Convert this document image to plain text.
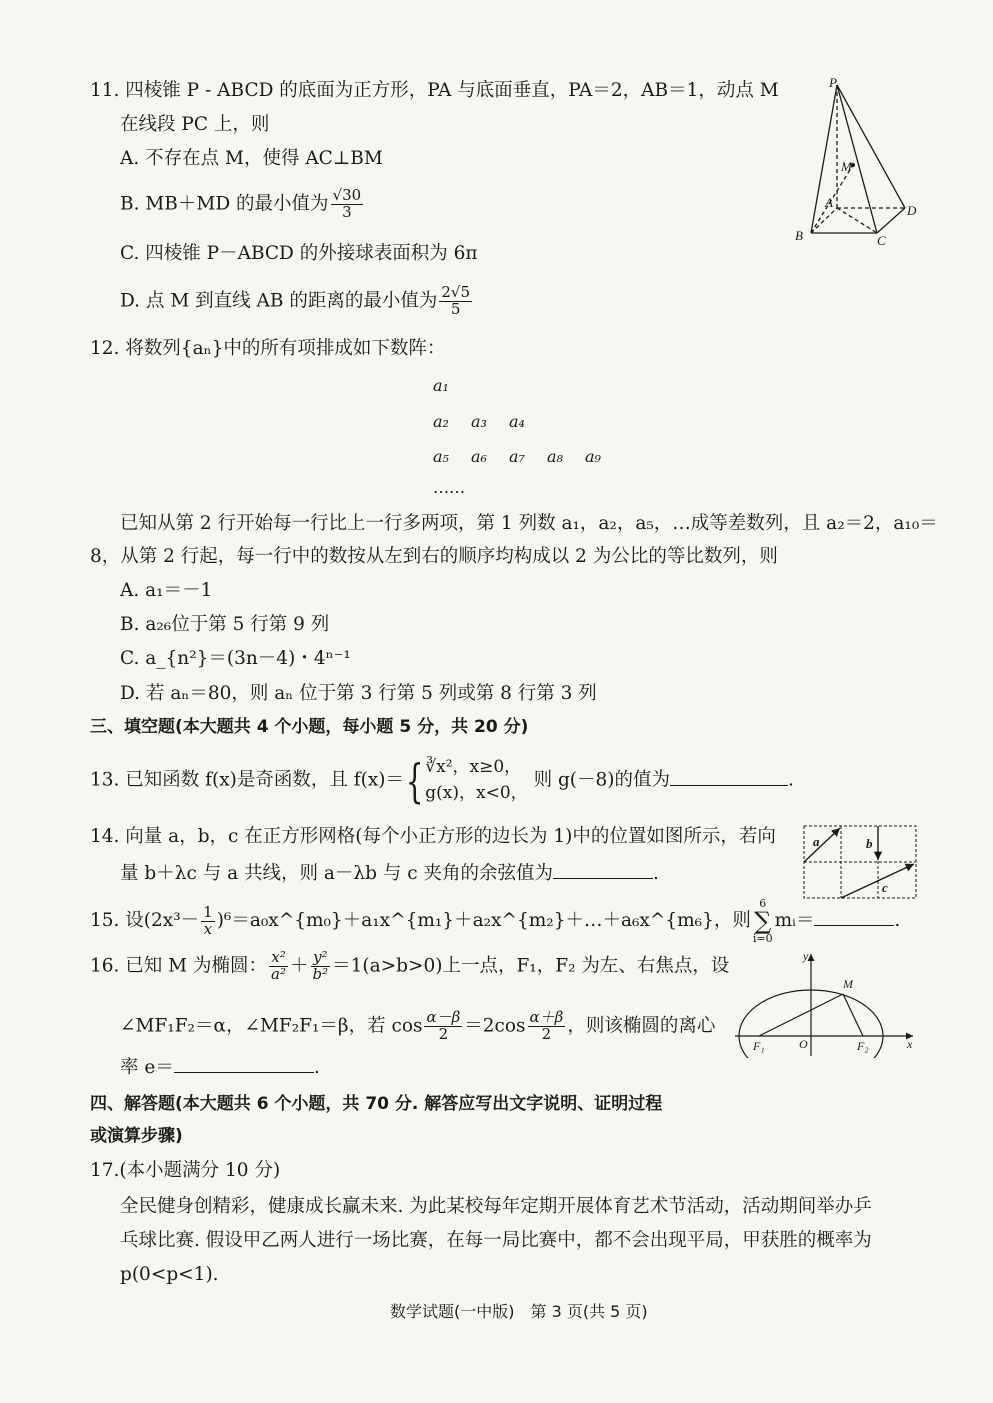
11. 四棱锥 P - ABCD 的底面为正方形，PA 与底面垂直，PA＝2，AB＝1，动点 M
在线段 PC 上，则
A. 不存在点 M，使得 AC⊥BM
B. MB＋MD 的最小值为 $\frac{√30}{3}$
C. 四棱锥 P－ABCD 的外接球表面积为 6π
D. 点 M 到直线 AB 的距离的最小值为 $\frac{2√5}{5}$
P
M
A
B	C
D
12. 将数列{aₙ}中的所有项排成如下数阵：
a₁
a₂ a₃ a₄
a₅ a₆ a₇ a₈ a₉
……
已知从第 2 行开始每一行比上一行多两项，第 1 列数 a₁，a₂，a₅，…成等差数列，且 a₂＝2，a₁₀＝
8，从第 2 行起，每一行中的数按从左到右的顺序均构成以 2 为公比的等比数列，则
A. a₁＝－1
B. a₂₆位于第 5 行第 9 列
C. a_{n²}＝(3n－4)・4ⁿ⁻¹
D. 若 aₙ＝80，则 aₙ 位于第 3 行第 5 列或第 8 行第 3 列
三、填空题(本大题共 4 个小题，每小题 5 分，共 20 分)
13. 已知函数 f(x)是奇函数，且 f(x)＝{ ∛x²，x≥0，
g(x)，x<0，
则 g(－8)的值为	.
14. 向量 a，b，c 在正方形网格(每个小正方形的边长为 1)中的位置如图所示，若向
量 b＋λc 与 a 共线，则 a－λb 与 c 夹角的余弦值为	.
a	b
c
15. 设($2x^3- \frac{1}{x}$ )⁶＝a₀x^{m₀}＋a₁x^{m₁}＋a₂x^{m₂}＋…＋a₆x^{m₆}，则
6
∑
i=0
mᵢ＝	.
16. 已知 M 为椭圆： $\frac{\text{x²}}{\text{a²}} + \frac{\text{y²}}{\text{b²}} =1(a>b>0)$上一点，F₁，F₂ 为左、右焦点，设
∠MF₁F₂＝α，∠MF₂F₁＝β，若 $\cos \frac{\alpha-\beta}{2} =2\cos \frac{\alpha+\beta}{2}$ ，则该椭圆的离心
率 e＝	.
y
x
M
F₁	O	F₂
四、解答题(本大题共 6 个小题，共 70 分. 解答应写出文字说明、证明过程
或演算步骤)
17.(本小题满分 10 分)
全民健身创精彩，健康成长赢未来. 为此某校每年定期开展体育艺术节活动，活动期间举办乒
乓球比赛. 假设甲乙两人进行一场比赛，在每一局比赛中，都不会出现平局，甲获胜的概率为
p(0<p<1).
数学试题(一中版)　第 3 页(共 5 页)
